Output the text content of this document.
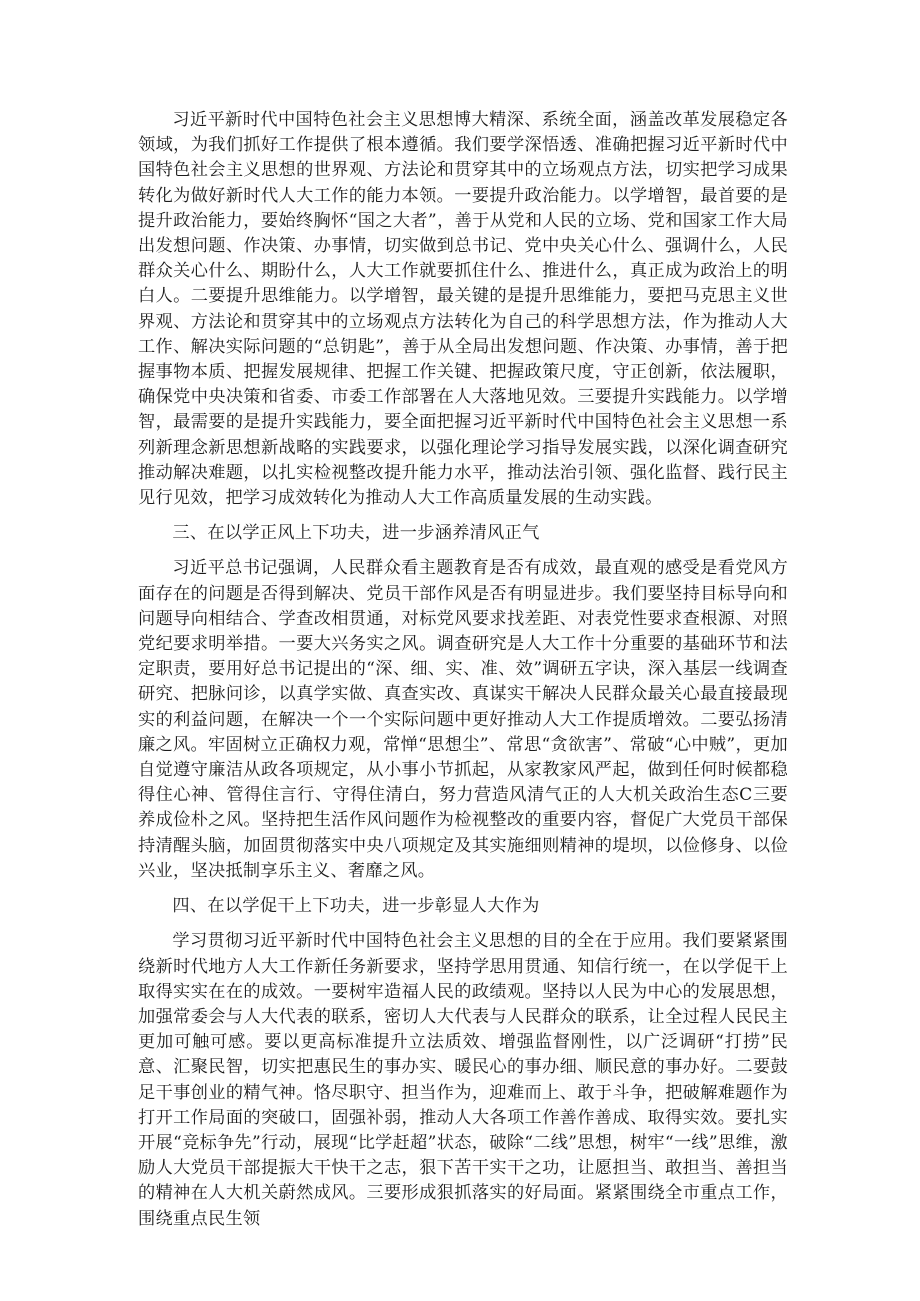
习近平新时代中国特色社会主义思想博大精深、系统全面，涵盖改革发展稳定各领域，为我们抓好工作提供了根本遵循。我们要学深悟透、准确把握习近平新时代中国特色社会主义思想的世界观、方法论和贯穿其中的立场观点方法，切实把学习成果转化为做好新时代人大工作的能力本领。一要提升政治能力。以学增智，最首要的是提升政治能力，要始终胸怀“国之大者”，善于从党和人民的立场、党和国家工作大局出发想问题、作决策、办事情，切实做到总书记、党中央关心什么、强调什么，人民群众关心什么、期盼什么，人大工作就要抓住什么、推进什么，真正成为政治上的明白人。二要提升思维能力。以学增智，最关键的是提升思维能力，要把马克思主义世界观、方法论和贯穿其中的立场观点方法转化为自己的科学思想方法，作为推动人大工作、解决实际问题的“总钥匙”，善于从全局出发想问题、作决策、办事情，善于把握事物本质、把握发展规律、把握工作关键、把握政策尺度，守正创新，依法履职，确保党中央决策和省委、市委工作部署在人大落地见效。三要提升实践能力。以学增智，最需要的是提升实践能力，要全面把握习近平新时代中国特色社会主义思想一系列新理念新思想新战略的实践要求，以强化理论学习指导发展实践，以深化调查研究推动解决难题，以扎实检视整改提升能力水平，推动法治引领、强化监督、践行民主见行见效，把学习成效转化为推动人大工作高质量发展的生动实践。

三、在以学正风上下功夫，进一步涵养清风正气

习近平总书记强调，人民群众看主题教育是否有成效，最直观的感受是看党风方面存在的问题是否得到解决、党员干部作风是否有明显进步。我们要坚持目标导向和问题导向相结合、学查改相贯通，对标党风要求找差距、对表党性要求查根源、对照党纪要求明举措。一要大兴务实之风。调查研究是人大工作十分重要的基础环节和法定职责，要用好总书记提出的“深、细、实、准、效”调研五字诀，深入基层一线调查研究、把脉问诊，以真学实做、真查实改、真谋实干解决人民群众最关心最直接最现实的利益问题，在解决一个一个实际问题中更好推动人大工作提质增效。二要弘扬清廉之风。牢固树立正确权力观，常惮“思想尘”、常思“贪欲害”、常破“心中贼”，更加自觉遵守廉洁从政各项规定，从小事小节抓起，从家教家风严起，做到任何时候都稳得住心神、管得住言行、守得住清白，努力营造风清气正的人大机关政治生态C三要养成俭朴之风。坚持把生活作风问题作为检视整改的重要内容，督促广大党员干部保持清醒头脑，加固贯彻落实中央八项规定及其实施细则精神的堤坝，以俭修身、以俭兴业，坚决抵制享乐主义、奢靡之风。

四、在以学促干上下功夫，进一步彰显人大作为

学习贯彻习近平新时代中国特色社会主义思想的目的全在于应用。我们要紧紧围绕新时代地方人大工作新任务新要求，坚持学思用贯通、知信行统一，在以学促干上取得实实在在的成效。一要树牢造福人民的政绩观。坚持以人民为中心的发展思想，加强常委会与人大代表的联系，密切人大代表与人民群众的联系，让全过程人民民主更加可触可感。要以更高标准提升立法质效、增强监督刚性，以广泛调研“打捞”民意、汇聚民智，切实把惠民生的事办实、暖民心的事办细、顺民意的事办好。二要鼓足干事创业的精气神。恪尽职守、担当作为，迎难而上、敢于斗争，把破解难题作为打开工作局面的突破口，固强补弱，推动人大各项工作善作善成、取得实效。要扎实开展“竞标争先”行动，展现“比学赶超”状态，破除“二线”思想，树牢“一线”思维，激励人大党员干部提振大干快干之志，狠下苦干实干之功，让愿担当、敢担当、善担当的精神在人大机关蔚然成风。三要形成狠抓落实的好局面。紧紧围绕全市重点工作，围绕重点民生领
